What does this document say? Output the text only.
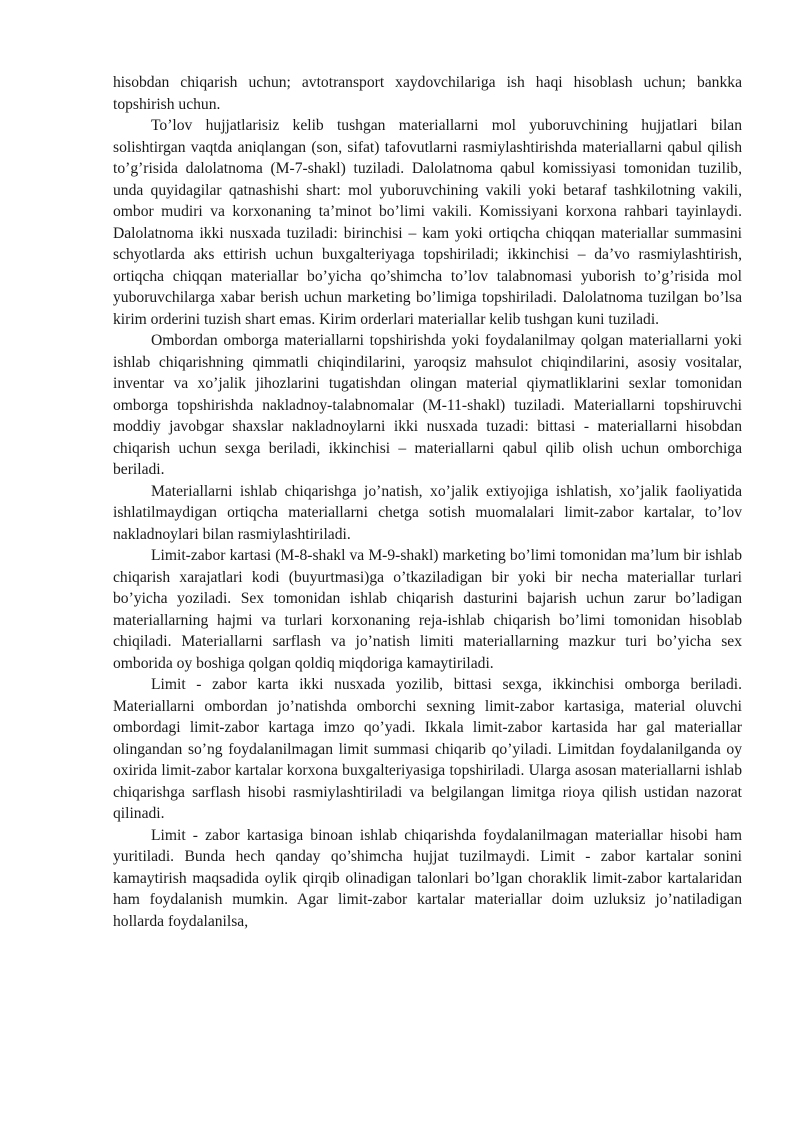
hisobdan chiqarish uchun; avtotransport xaydovchilariga ish haqi hisoblash uchun; bankka topshirish uchun.

To’lov hujjatlarisiz kelib tushgan materiallarni mol yuboruvchining hujjatlari bilan solishtirgan vaqtda aniqlangan (son, sifat) tafovutlarni rasmiylashtirishda materiallarni qabul qilish to’g’risida dalolatnoma (M-7-shakl) tuziladi. Dalolatnoma qabul komissiyasi tomonidan tuzilib, unda quyidagilar qatnashishi shart: mol yuboruvchining vakili yoki betaraf tashkilotning vakili, ombor mudiri va korxonaning ta’minot bo’limi vakili. Komissiyani korxona rahbari tayinlaydi. Dalolatnoma ikki nusxada tuziladi: birinchisi – kam yoki ortiqcha chiqqan materiallar summasini schyotlarda aks ettirish uchun buxgalteriyaga topshiriladi; ikkinchisi – da’vo rasmiylashtirish, ortiqcha chiqqan materiallar bo’yicha qo’shimcha to’lov talabnomasi yuborish to’g’risida mol yuboruvchilarga xabar berish uchun marketing bo’limiga topshiriladi. Dalolatnoma tuzilgan bo’lsa kirim orderini tuzish shart emas. Kirim orderlari materiallar kelib tushgan kuni tuziladi.

Ombordan omborga materiallarni topshirishda yoki foydalanilmay qolgan materiallarni yoki ishlab chiqarishning qimmatli chiqindilarini, yaroqsiz mahsulot chiqindilarini, asosiy vositalar, inventar va xo’jalik jihozlarini tugatishdan olingan material qiymatliklarini sexlar tomonidan omborga topshirishda nakladnoy-talabnomalar (M-11-shakl) tuziladi. Materiallarni topshiruvchi moddiy javobgar shaxslar nakladnoylarni ikki nusxada tuzadi: bittasi - materiallarni hisobdan chiqarish uchun sexga beriladi, ikkinchisi – materiallarni qabul qilib olish uchun omborchiga beriladi.

Materiallarni ishlab chiqarishga jo’natish, xo’jalik extiyojiga ishlatish, xo’jalik faoliyatida ishlatilmaydigan ortiqcha materiallarni chetga sotish muomalalari limit-zabor kartalar, to’lov nakladnoylari bilan rasmiylashtiriladi.

Limit-zabor kartasi (M-8-shakl va M-9-shakl) marketing bo’limi tomonidan ma’lum bir ishlab chiqarish xarajatlari kodi (buyurtmasi)ga o’tkaziladigan bir yoki bir necha materiallar turlari bo’yicha yoziladi. Sex tomonidan ishlab chiqarish dasturini bajarish uchun zarur bo’ladigan materiallarning hajmi va turlari korxonaning reja-ishlab chiqarish bo’limi tomonidan hisoblab chiqiladi. Materiallarni sarflash va jo’natish limiti materiallarning mazkur turi bo’yicha sex omborida oy boshiga qolgan qoldiq miqdoriga kamaytiriladi.

Limit - zabor karta ikki nusxada yozilib, bittasi sexga, ikkinchisi omborga beriladi. Materiallarni ombordan jo’natishda omborchi sexning limit-zabor kartasiga, material oluvchi ombordagi limit-zabor kartaga imzo qo’yadi. Ikkala limit-zabor kartasida har gal materiallar olingandan so’ng foydalanilmagan limit summasi chiqarib qo’yiladi. Limitdan foydalanilganda oy oxirida limit-zabor kartalar korxona buxgalteriyasiga topshiriladi. Ularga asosan materiallarni ishlab chiqarishga sarflash hisobi rasmiylashtiriladi va belgilangan limitga rioya qilish ustidan nazorat qilinadi.

Limit - zabor kartasiga binoan ishlab chiqarishda foydalanilmagan materiallar hisobi ham yuritiladi. Bunda hech qanday qo’shimcha hujjat tuzilmaydi. Limit - zabor kartalar sonini kamaytirish maqsadida oylik qirqib olinadigan talonlari bo’lgan choraklik limit-zabor kartalaridan ham foydalanish mumkin. Agar limit-zabor kartalar materiallar doim uzluksiz jo’natiladigan hollarda foydalanilsa,
